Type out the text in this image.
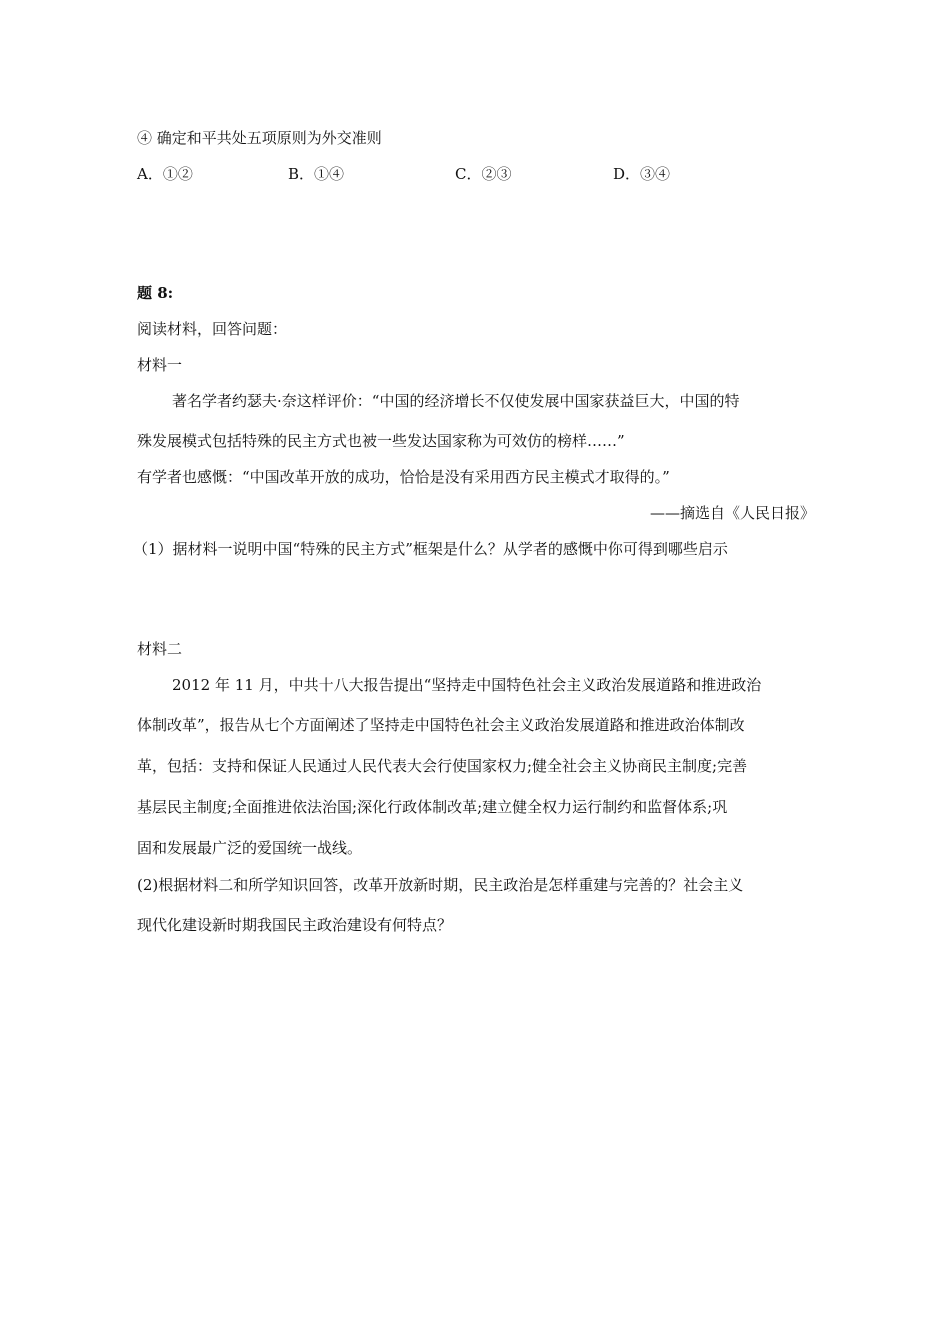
④ 确定和平共处五项原则为外交准则
A．①②	B．①④	C．②③	D．③④
题 8:
阅读材料，回答问题：
材料一
著名学者约瑟夫·奈这样评价：“中国的经济增长不仅使发展中国家获益巨大，中国的特
殊发展模式包括特殊的民主方式也被一些发达国家称为可效仿的榜样……”
有学者也感慨：“中国改革开放的成功，恰恰是没有采用西方民主模式才取得的。”
——摘选自《人民日报》
（1）据材料一说明中国“特殊的民主方式”框架是什么？从学者的感慨中你可得到哪些启示
材料二
2012 年 11 月，中共十八大报告提出“坚持走中国特色社会主义政治发展道路和推进政治
体制改革”，报告从七个方面阐述了坚持走中国特色社会主义政治发展道路和推进政治体制改
革，包括：支持和保证人民通过人民代表大会行使国家权力;健全社会主义协商民主制度;完善
基层民主制度;全面推进依法治国;深化行政体制改革;建立健全权力运行制约和监督体系;巩
固和发展最广泛的爱国统一战线。
(2)根据材料二和所学知识回答，改革开放新时期，民主政治是怎样重建与完善的？社会主义
现代化建设新时期我国民主政治建设有何特点？
